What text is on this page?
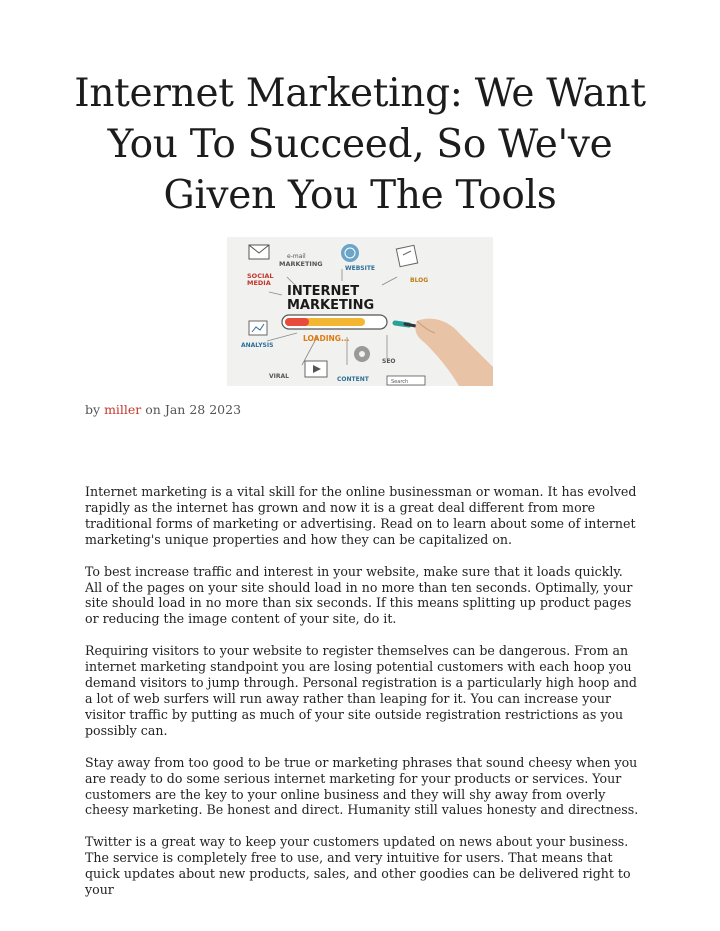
Internet Marketing: We Want You To Succeed, So We've Given You The Tools
e-mail
MARKETING
WEBSITE
BLOG
SOCIAL
MEDIA
INTERNET
MARKETING
LOADING...
ANALYSIS
SEO
VIRAL	CONTENT	Search
by miller on Jan 28 2023

Internet marketing is a vital skill for the online businessman or woman. It has evolved rapidly as the internet has grown and now it is a great deal different from more traditional forms of marketing or advertising. Read on to learn about some of internet marketing's unique properties and how they can be capitalized on.

To best increase traffic and interest in your website, make sure that it loads quickly. All of the pages on your site should load in no more than ten seconds. Optimally, your site should load in no more than six seconds. If this means splitting up product pages or reducing the image content of your site, do it.

Requiring visitors to your website to register themselves can be dangerous. From an internet marketing standpoint you are losing potential customers with each hoop you demand visitors to jump through. Personal registration is a particularly high hoop and a lot of web surfers will run away rather than leaping for it. You can increase your visitor traffic by putting as much of your site outside registration restrictions as you possibly can.

Stay away from too good to be true or marketing phrases that sound cheesy when you are ready to do some serious internet marketing for your products or services. Your customers are the key to your online business and they will shy away from overly cheesy marketing. Be honest and direct. Humanity still values honesty and directness.

Twitter is a great way to keep your customers updated on news about your business. The service is completely free to use, and very intuitive for users. That means that quick updates about new products, sales, and other goodies can be delivered right to your
